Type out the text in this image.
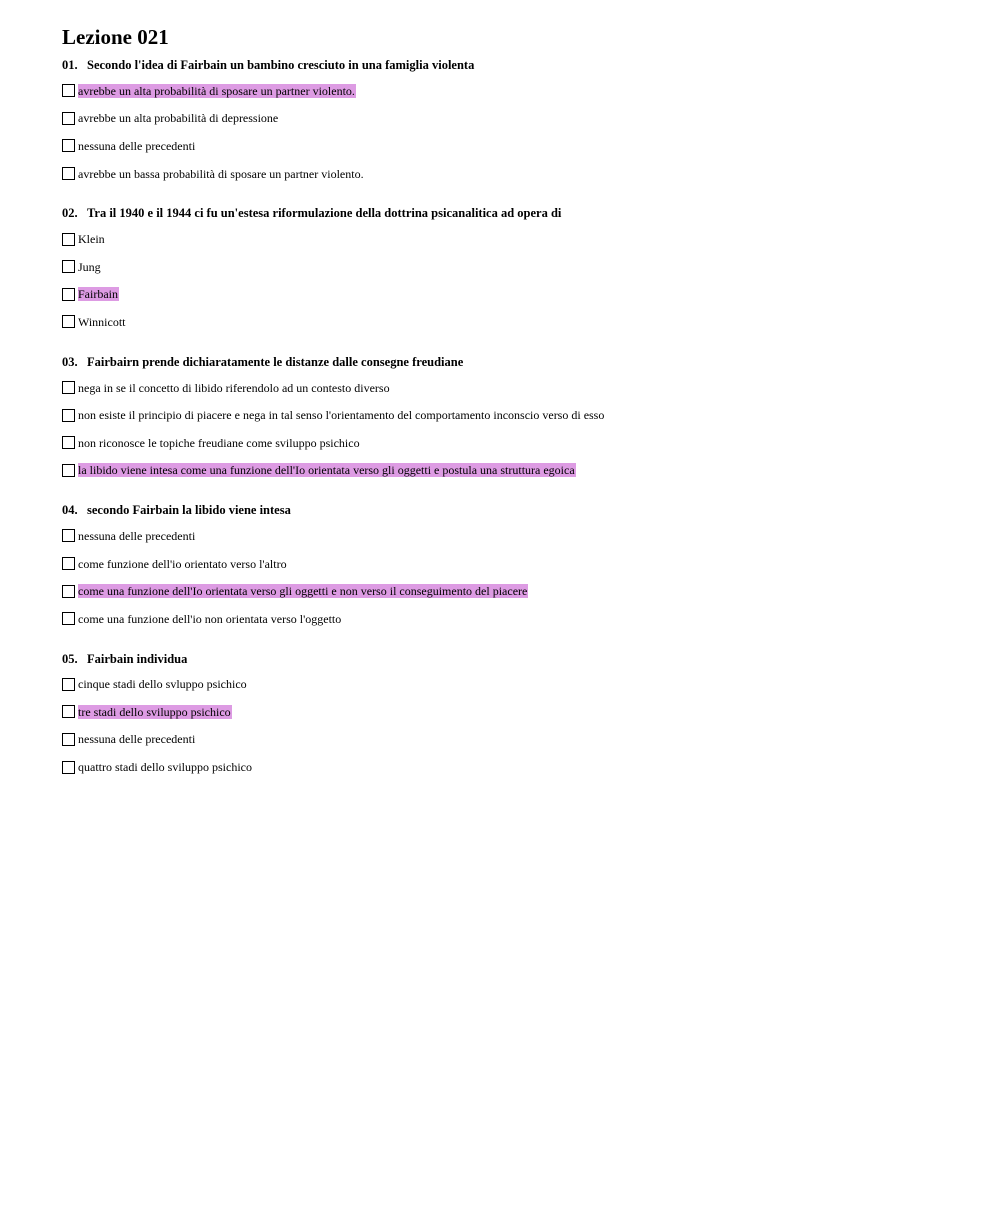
Lezione 021
01. Secondo l'idea di Fairbain un bambino cresciuto in una famiglia violenta
avrebbe un alta probabilità di sposare un partner violento.
avrebbe un alta probabilità di depressione
nessuna delle precedenti
avrebbe un bassa probabilità di sposare un partner violento.
02. Tra il 1940 e il 1944 ci fu un'estesa riformulazione della dottrina psicanalitica ad opera di
Klein
Jung
Fairbain
Winnicott
03. Fairbairn prende dichiaratamente le distanze dalle consegne freudiane
nega in se il concetto di libido riferendolo ad un contesto diverso
non esiste il principio di piacere e nega in tal senso l'orientamento del comportamento inconscio verso di esso
non riconosce le topiche freudiane come sviluppo psichico
la libido viene intesa come una funzione dell'Io orientata verso gli oggetti e postula una struttura egoica
04. secondo Fairbain la libido viene intesa
nessuna delle precedenti
come funzione dell'io orientato verso l'altro
come una funzione dell'Io orientata verso gli oggetti e non verso il conseguimento del piacere
come una funzione dell'io non orientata verso l'oggetto
05. Fairbain individua
cinque stadi dello svluppo psichico
tre stadi dello sviluppo psichico
nessuna delle precedenti
quattro stadi dello sviluppo psichico
